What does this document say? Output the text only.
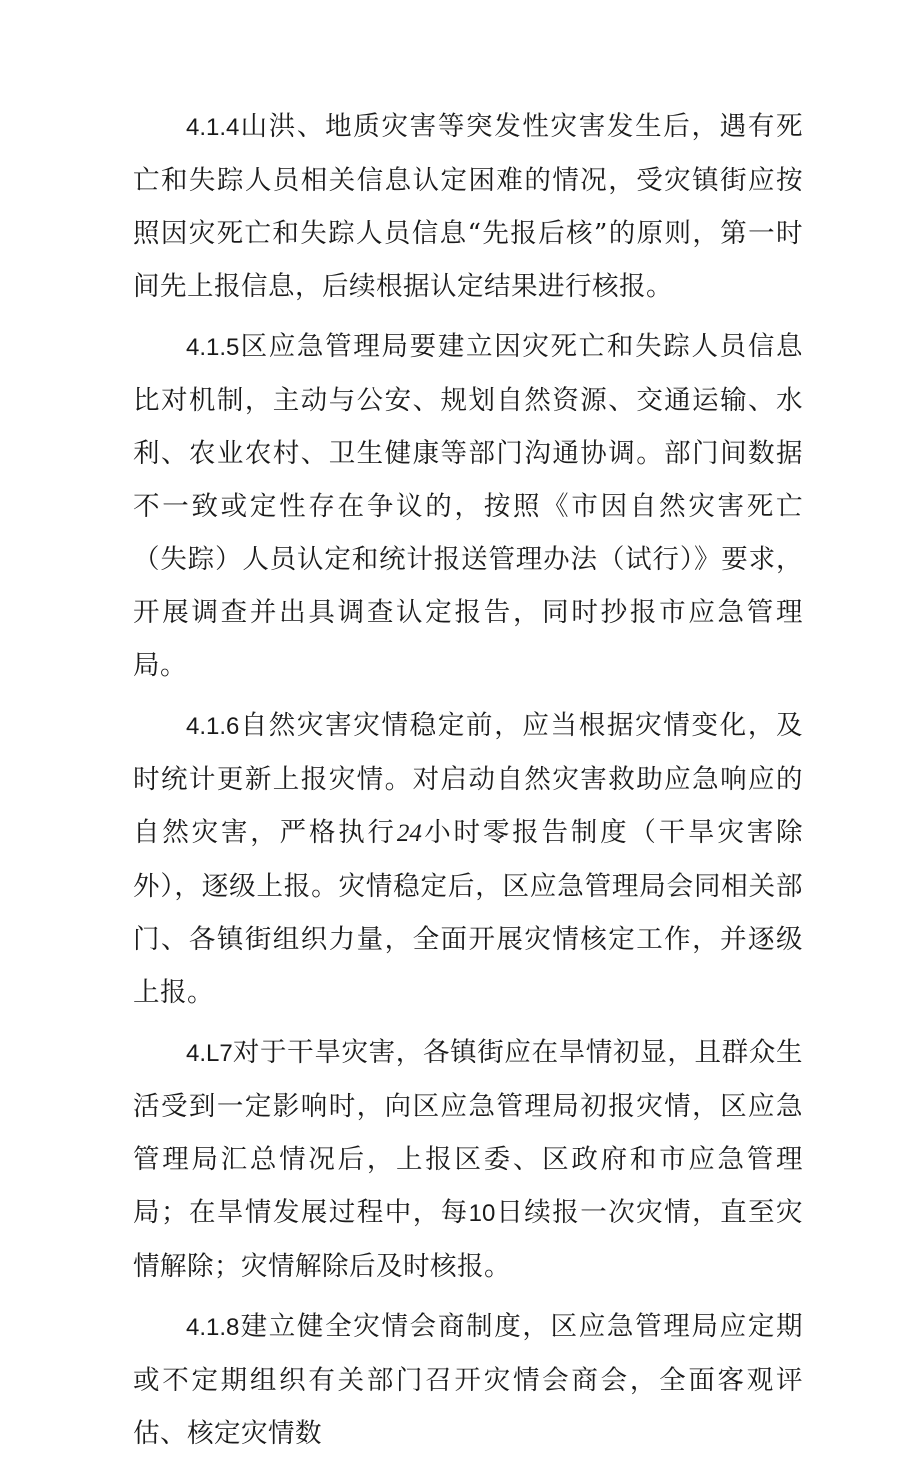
4.1.4山洪、地质灾害等突发性灾害发生后，遇有死亡和失踪人员相关信息认定困难的情况，受灾镇街应按照因灾死亡和失踪人员信息“先报后核”的原则，第一时间先上报信息，后续根据认定结果进行核报。

4.1.5区应急管理局要建立因灾死亡和失踪人员信息比对机制，主动与公安、规划自然资源、交通运输、水利、农业农村、卫生健康等部门沟通协调。部门间数据不一致或定性存在争议的，按照《市因自然灾害死亡（失踪）人员认定和统计报送管理办法（试行）》要求，开展调查并出具调查认定报告，同时抄报市应急管理局。

4.1.6自然灾害灾情稳定前，应当根据灾情变化，及时统计更新上报灾情。对启动自然灾害救助应急响应的自然灾害，严格执行24小时零报告制度（干旱灾害除外），逐级上报。灾情稳定后，区应急管理局会同相关部门、各镇街组织力量，全面开展灾情核定工作，并逐级上报。

4.L7对于干旱灾害，各镇街应在旱情初显，且群众生活受到一定影响时，向区应急管理局初报灾情，区应急管理局汇总情况后，上报区委、区政府和市应急管理局；在旱情发展过程中，每10日续报一次灾情，直至灾情解除；灾情解除后及时核报。

4.1.8建立健全灾情会商制度，区应急管理局应定期或不定期组织有关部门召开灾情会商会，全面客观评估、核定灾情数
